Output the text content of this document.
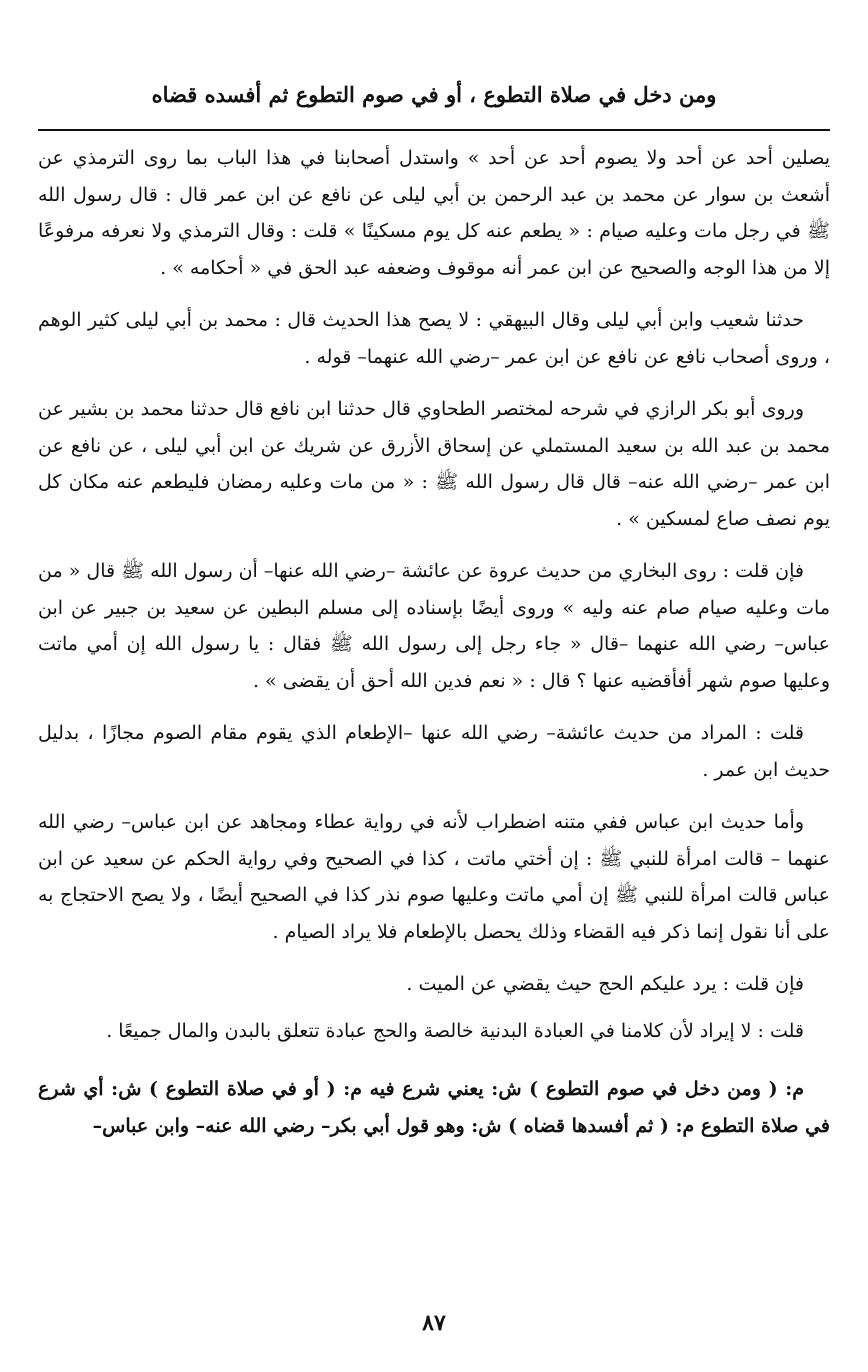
ومن دخل في صلاة التطوع ، أو في صوم التطوع ثم أفسده قضاه

يصلين أحد عن أحد ولا يصوم أحد عن أحد » واستدل أصحابنا في هذا الباب بما روى الترمذي عن أشعث بن سوار عن محمد بن عبد الرحمن بن أبي ليلى عن نافع عن ابن عمر قال : قال رسول الله ﷺ في رجل مات وعليه صيام : « يطعم عنه كل يوم مسكينًا » قلت : وقال الترمذي ولا نعرفه مرفوعًا إلا من هذا الوجه والصحيح عن ابن عمر أنه موقوف وضعفه عبد الحق في « أحكامه » .

حدثنا شعيب وابن أبي ليلى وقال البيهقي : لا يصح هذا الحديث قال : محمد بن أبي ليلى كثير الوهم ، وروى أصحاب نافع عن نافع عن ابن عمر –رضي الله عنهما– قوله .

وروى أبو بكر الرازي في شرحه لمختصر الطحاوي قال حدثنا ابن نافع قال حدثنا محمد بن بشير عن محمد بن عبد الله بن سعيد المستملي عن إسحاق الأزرق عن شريك عن ابن أبي ليلى ، عن نافع عن ابن عمر –رضي الله عنه– قال قال رسول الله ﷺ : « من مات وعليه رمضان فليطعم عنه مكان كل يوم نصف صاع لمسكين » .

فإن قلت : روى البخاري من حديث عروة عن عائشة –رضي الله عنها– أن رسول الله ﷺ قال « من مات وعليه صيام صام عنه وليه » وروى أيضًا بإسناده إلى مسلم البطين عن سعيد بن جبير عن ابن عباس– رضي الله عنهما –قال « جاء رجل إلى رسول الله ﷺ فقال : يا رسول الله إن أمي ماتت وعليها صوم شهر أفأقضيه عنها ؟ قال : « نعم فدين الله أحق أن يقضى » .

قلت : المراد من حديث عائشة– رضي الله عنها –الإطعام الذي يقوم مقام الصوم مجازًا ، بدليل حديث ابن عمر .

وأما حديث ابن عباس ففي متنه اضطراب لأنه في رواية عطاء ومجاهد عن ابن عباس– رضي الله عنهما – قالت امرأة للنبي ﷺ : إن أختي ماتت ، كذا في الصحيح وفي رواية الحكم عن سعيد عن ابن عباس قالت امرأة للنبي ﷺ إن أمي ماتت وعليها صوم نذر كذا في الصحيح أيضًا ، ولا يصح الاحتجاج به على أنا نقول إنما ذكر فيه القضاء وذلك يحصل بالإطعام فلا يراد الصيام .

فإن قلت : يرد عليكم الحج حيث يقضي عن الميت .

قلت : لا إيراد لأن كلامنا في العبادة البدنية خالصة والحج عبادة تتعلق بالبدن والمال جميعًا .

م: ( ومن دخل في صوم التطوع ) ش: يعني شرع فيه م: ( أو في صلاة التطوع ) ش: أي شرع في صلاة التطوع م: ( ثم أفسدها قضاه ) ش: وهو قول أبي بكر– رضي الله عنه– وابن عباس–

٨٧
